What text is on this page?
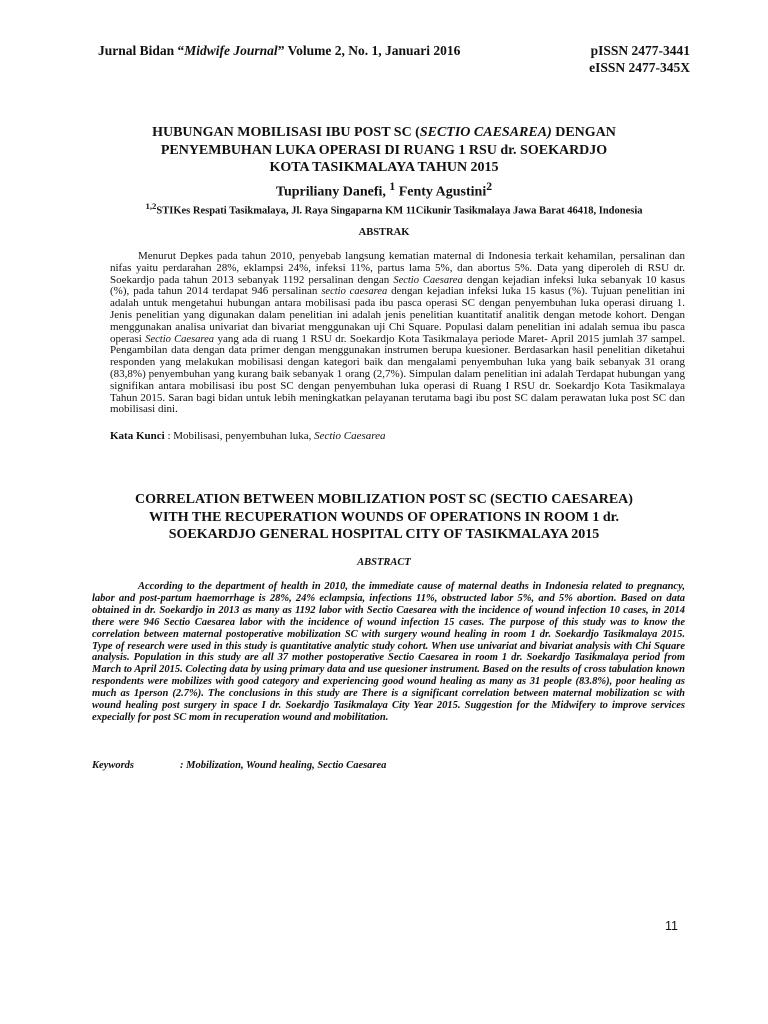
Jurnal Bidan “Midwife Journal” Volume 2, No. 1, Januari 2016	pISSN 2477-3441
eISSN 2477-345X
HUBUNGAN MOBILISASI IBU POST SC (SECTIO CAESAREA) DENGAN
PENYEMBUHAN LUKA OPERASI DI RUANG 1 RSU dr. SOEKARDJO
KOTA TASIKMALAYA TAHUN 2015
Tupriliany Danefi, $^1$ Fenty Agustini$^2$
$^{1,2}$STIKes Respati Tasikmalaya, Jl. Raya Singaparna KM 11Cikunir Tasikmalaya Jawa Barat 46418, Indonesia
ABSTRAK

Menurut Depkes pada tahun 2010, penyebab langsung kematian maternal di Indonesia terkait kehamilan, persalinan dan nifas yaitu perdarahan 28%, eklampsi 24%, infeksi 11%, partus lama 5%, dan abortus 5%. Data yang diperoleh di RSU dr. Soekardjo pada tahun 2013 sebanyak 1192 persalinan dengan Sectio Caesarea dengan kejadian infeksi luka sebanyak 10 kasus (%), pada tahun 2014 terdapat 946 persalinan sectio caesarea dengan kejadian infeksi luka 15 kasus (%). Tujuan penelitian ini adalah untuk mengetahui hubungan antara mobilisasi pada ibu pasca operasi SC dengan penyembuhan luka operasi diruang 1. Jenis penelitian yang digunakan dalam penelitian ini adalah jenis penelitian kuantitatif analitik dengan metode kohort. Dengan menggunakan analisa univariat dan bivariat menggunakan uji Chi Square. Populasi dalam penelitian ini adalah semua ibu pasca operasi Sectio Caesarea yang ada di ruang 1 RSU dr. Soekardjo Kota Tasikmalaya periode Maret- April 2015 jumlah 37 sampel. Pengambilan data dengan data primer dengan menggunakan instrumen berupa kuesioner. Berdasarkan hasil penelitian diketahui responden yang melakukan mobilisasi dengan kategori baik dan mengalami penyembuhan luka yang baik sebanyak 31 orang (83,8%) penyembuhan yang kurang baik sebanyak 1 orang (2,7%). Simpulan dalam penelitian ini adalah Terdapat hubungan yang signifikan antara mobilisasi ibu post SC dengan penyembuhan luka operasi di Ruang I RSU dr. Soekardjo Kota Tasikmalaya Tahun 2015. Saran bagi bidan untuk lebih meningkatkan pelayanan terutama bagi ibu post SC dalam perawatan luka post SC dan mobilisasi dini.

Kata Kunci : Mobilisasi, penyembuhan luka, Sectio Caesarea
CORRELATION BETWEEN MOBILIZATION POST SC (SECTIO CAESAREA)
WITH THE RECUPERATION WOUNDS OF OPERATIONS IN ROOM 1 dr.
SOEKARDJO GENERAL HOSPITAL CITY OF TASIKMALAYA 2015
ABSTRACT

According to the department of health in 2010, the immediate cause of maternal deaths in Indonesia related to pregnancy, labor and post-partum haemorrhage is 28%, 24% eclampsia, infections 11%, obstructed labor 5%, and 5% abortion. Based on data obtained in dr. Soekardjo in 2013 as many as 1192 labor with Sectio Caesarea with the incidence of wound infection 10 cases, in 2014 there were 946 Sectio Caesarea labor with the incidence of wound infection 15 cases. The purpose of this study was to know the correlation between maternal postoperative mobilization SC with surgery wound healing in room 1 dr. Soekardjo Tasikmalaya 2015. Type of research were used in this study is quantitative analytic study cohort. When use univariat and bivariat analysis with Chi Square analysis. Population in this study are all 37 mother postoperative Sectio Caesarea in room 1 dr. Soekardjo Tasikmalaya period from March to April 2015. Colecting data by using primary data and use quesioner instrument. Based on the results of cross tabulation known respondents were mobilizes with good category and experiencing good wound healing as many as 31 people (83.8%), poor healing as much as 1person (2.7%). The conclusions in this study are There is a significant correlation between maternal mobilization sc with wound healing post surgery in space I dr. Soekardjo Tasikmalaya City Year 2015. Suggestion for the Midwifery to improve services expecially for post SC mom in recuperation wound and mobilitation.

Keywords	: Mobilization, Wound healing, Sectio Caesarea
11
